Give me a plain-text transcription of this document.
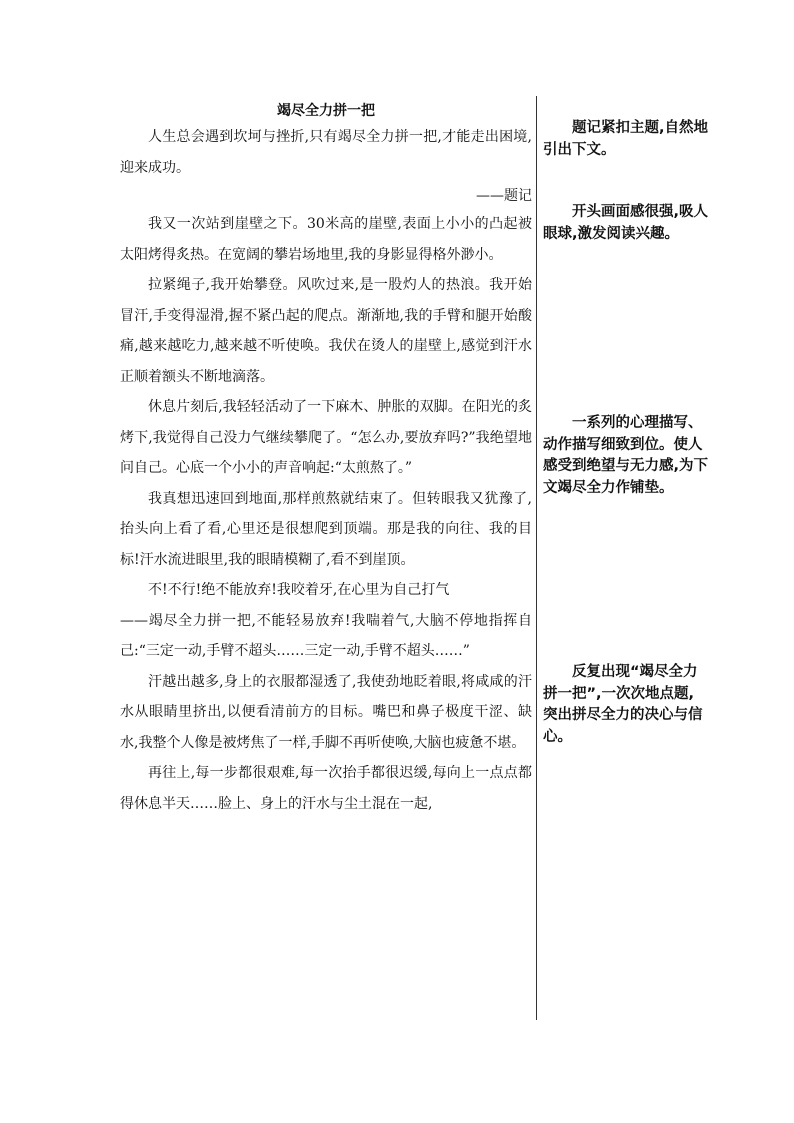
竭尽全力拼一把

人生总会遇到坎坷与挫折,只有竭尽全力拼一把,才能走出困境,迎来成功。

——题记

我又一次站到崖壁之下。30米高的崖壁,表面上小小的凸起被太阳烤得炙热。在宽阔的攀岩场地里,我的身影显得格外渺小。

拉紧绳子,我开始攀登。风吹过来,是一股灼人的热浪。我开始冒汗,手变得湿滑,握不紧凸起的爬点。渐渐地,我的手臂和腿开始酸痛,越来越吃力,越来越不听使唤。我伏在烫人的崖壁上,感觉到汗水正顺着额头不断地滴落。

休息片刻后,我轻轻活动了一下麻木、肿胀的双脚。在阳光的炙烤下,我觉得自己没力气继续攀爬了。“怎么办,要放弃吗?”我绝望地问自己。心底一个小小的声音响起:“太煎熬了。”

我真想迅速回到地面,那样煎熬就结束了。但转眼我又犹豫了,抬头向上看了看,心里还是很想爬到顶端。那是我的向往、我的目标!汗水流进眼里,我的眼睛模糊了,看不到崖顶。

不!不行!绝不能放弃!我咬着牙,在心里为自己打气

——竭尽全力拼一把,不能轻易放弃!我喘着气,大脑不停地指挥自己:“三定一动,手臂不超头……三定一动,手臂不超头……”

汗越出越多,身上的衣服都湿透了,我使劲地眨着眼,将咸咸的汗水从眼睛里挤出,以便看清前方的目标。嘴巴和鼻子极度干涩、缺水,我整个人像是被烤焦了一样,手脚不再听使唤,大脑也疲惫不堪。

再往上,每一步都很艰难,每一次抬手都很迟缓,每向上一点点都得休息半天……脸上、身上的汗水与尘土混在一起,

题记紧扣主题,自然地引出下文。

开头画面感很强,吸人眼球,激发阅读兴趣。

一系列的心理描写、动作描写细致到位。使人感受到绝望与无力感,为下文竭尽全力作铺垫。

反复出现“竭尽全力拼一把”,一次次地点题,突出拼尽全力的决心与信心。
